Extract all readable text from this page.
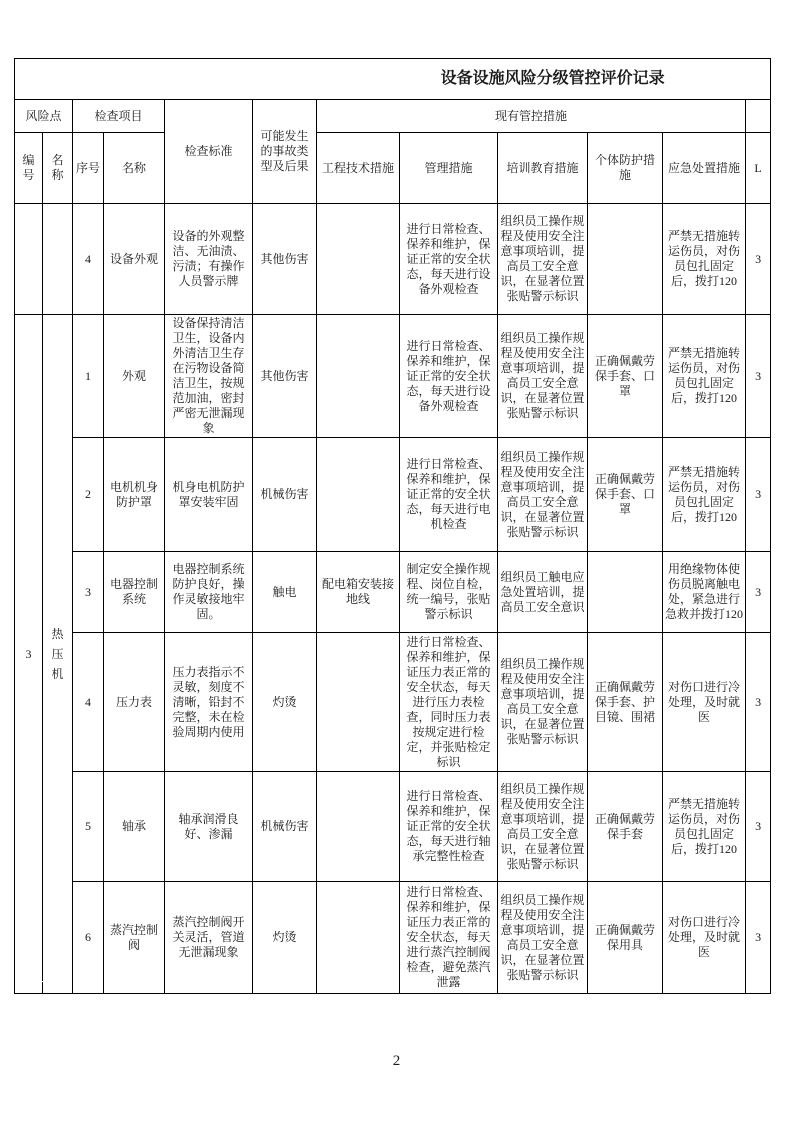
设备设施风险分级管控评价记录											
风险点		检查项目		检查标准	可能发生的事故类型及后果	现有管控措施					

编号	名称	序号	名称			工程技术措施	管理措施	培训教育措施	个体防护措施	应急处置措施	L
		4	设备外观	设备的外观整洁、无油渍、污渍；有操作人员警示牌	其他伤害		进行日常检查、保养和维护，保证正常的安全状态，每天进行设备外观检查	组织员工操作规程及使用安全注意事项培训，提高员工安全意识，在显著位置张贴警示标识		严禁无措施转运伤员，对伤员包扎固定后，拨打120	3
3	热压机	1	外观	设备保持清洁卫生，设备内外清洁卫生存在污物设备简洁卫生，按规范加油，密封严密无泄漏现象	其他伤害		进行日常检查、保养和维护，保证正常的安全状态，每天进行设备外观检查	组织员工操作规程及使用安全注意事项培训，提高员工安全意识，在显著位置张贴警示标识	正确佩戴劳保手套、口罩	严禁无措施转运伤员，对伤员包扎固定后，拨打120	3
		2	电机机身防护罩	机身电机防护罩安装牢固	机械伤害		进行日常检查、保养和维护，保证正常的安全状态，每天进行电机检查	组织员工操作规程及使用安全注意事项培训，提高员工安全意识，在显著位置张贴警示标识	正确佩戴劳保手套、口罩	严禁无措施转运伤员，对伤员包扎固定后，拨打120	3
		3	电器控制系统	电器控制系统防护良好，操作灵敏接地牢固。	触电	配电箱安装接地线	制定安全操作规程、岗位自检，统一编号，张贴警示标识	组织员工触电应急处置培训，提高员工安全意识		用绝缘物体使伤员脱离触电处，紧急进行急救并拨打120	3
		4	压力表	压力表指示不灵敏，刻度不清晰，铅封不完整，未在检验周期内使用	灼烫		进行日常检查、保养和维护，保证压力表正常的安全状态，每天进行压力表检查，同时压力表按规定进行检定，并张贴检定标识	组织员工操作规程及使用安全注意事项培训，提高员工安全意识，在显著位置张贴警示标识	正确佩戴劳保手套、护目镜、围裙	对伤口进行冷处理，及时就医	3
		5	轴承	轴承润滑良好、渗漏	机械伤害		进行日常检查、保养和维护，保证正常的安全状态，每天进行轴承完整性检查	组织员工操作规程及使用安全注意事项培训，提高员工安全意识，在显著位置张贴警示标识	正确佩戴劳保手套	严禁无措施转运伤员，对伤员包扎固定后，拨打120	3
		6	蒸汽控制阀	蒸汽控制阀开关灵活，管道无泄漏现象	灼烫		进行日常检查、保养和维护，保证压力表正常的安全状态，每天进行蒸汽控制阀检查，避免蒸汽泄露	组织员工操作规程及使用安全注意事项培训，提高员工安全意识，在显著位置张贴警示标识	正确佩戴劳保用具	对伤口进行冷处理，及时就医	3
2
